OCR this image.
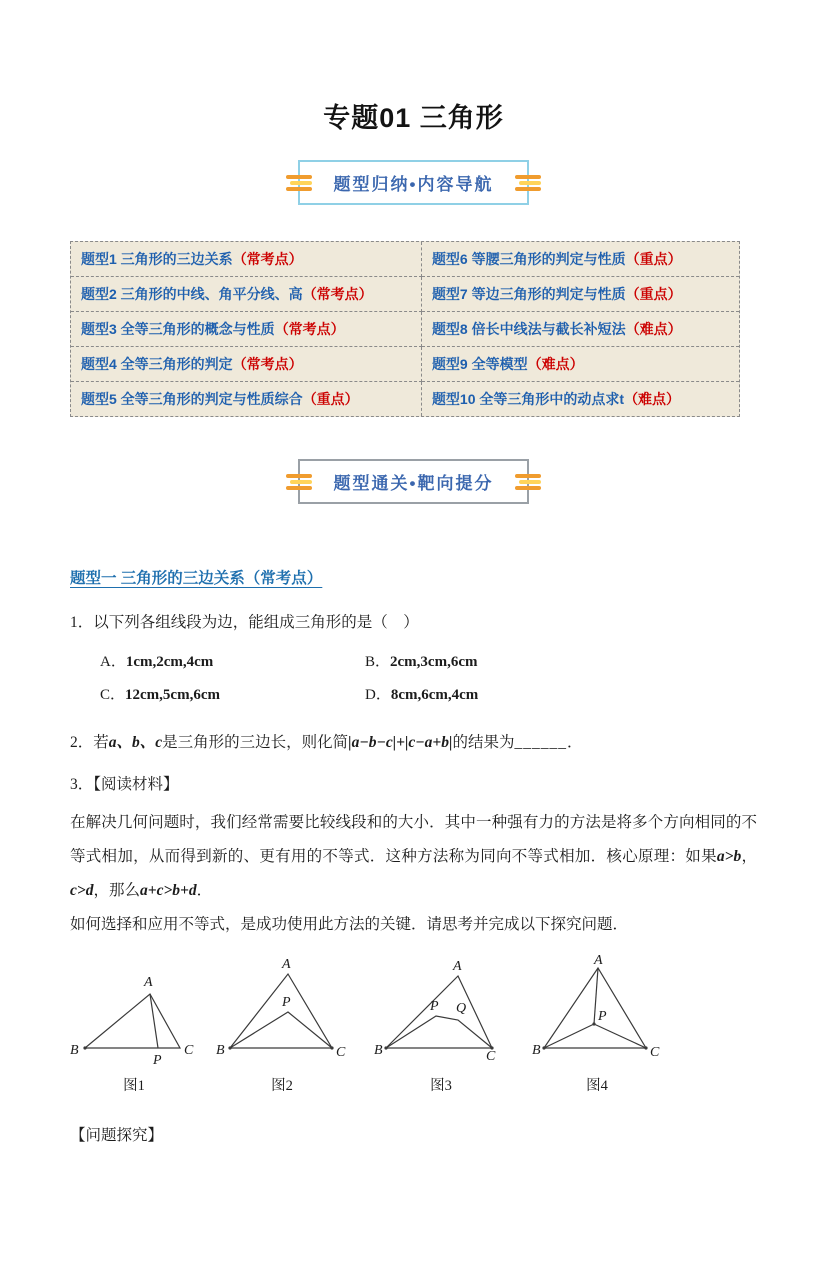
专题01 三角形
题型归纳•内容导航
题型1 三角形的三边关系（常考点）	题型6 等腰三角形的判定与性质（重点）
题型2 三角形的中线、角平分线、高（常考点）	题型7 等边三角形的判定与性质（重点）
题型3 全等三角形的概念与性质（常考点）	题型8 倍长中线法与截长补短法（难点）
题型4 全等三角形的判定（常考点）	题型9 全等模型（难点）
题型5 全等三角形的判定与性质综合（重点）	题型10 全等三角形中的动点求t（难点）
题型通关•靶向提分
题型一 三角形的三边关系（常考点）

1．以下列各组线段为边，能组成三角形的是（　）

A．1cm,2cm,4cm	B．2cm,3cm,6cm
C．12cm,5cm,6cm	D．8cm,6cm,4cm

2．若a、b、c是三角形的三边长，则化简|a−b−c|+|c−a+b|的结果为______．

3．【阅读材料】

在解决几何问题时，我们经常需要比较线段和的大小．其中一种强有力的方法是将多个方向相同的不等式相加，从而得到新的、更有用的不等式．这种方法称为同向不等式相加．核心原理：如果a>b，c>d，那么a+c>b+d．

如何选择和应用不等式，是成功使用此方法的关键．请思考并完成以下探究问题．

A
B	C
P
图1
A
B	C
P
图2
A
B	C
P Q
图3
A
B	C
P
图4

【问题探究】
